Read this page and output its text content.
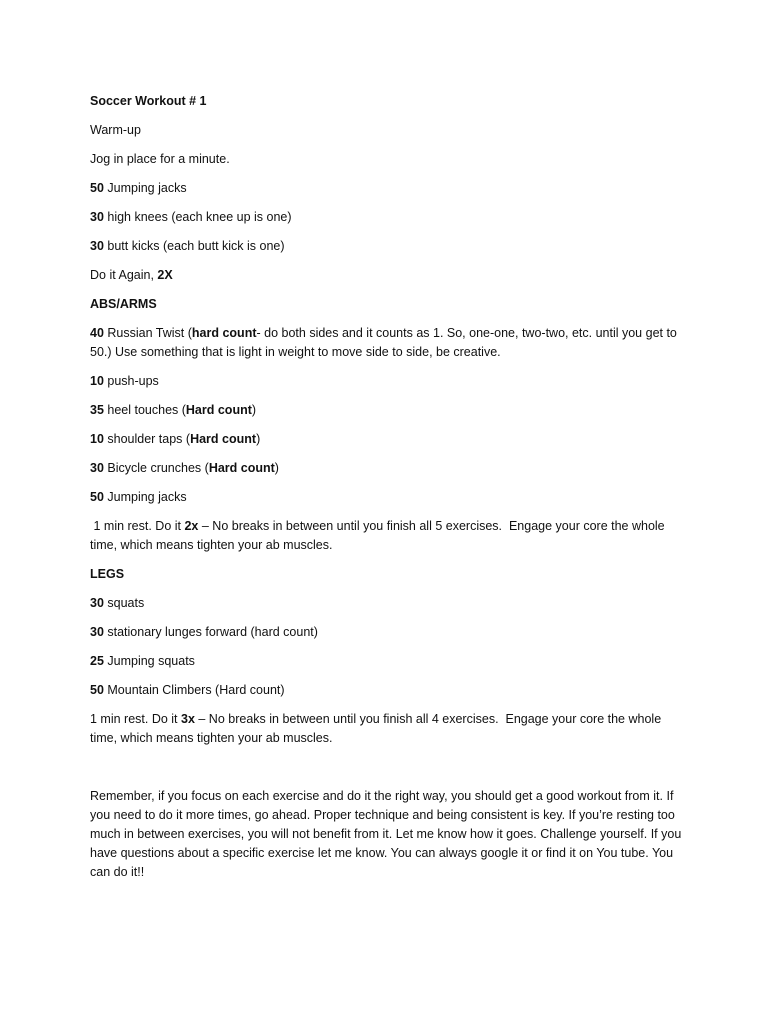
Soccer Workout # 1

Warm-up

Jog in place for a minute.

50 Jumping jacks

30 high knees (each knee up is one)

30 butt kicks (each butt kick is one)

Do it Again, 2X

ABS/ARMS

40 Russian Twist (hard count- do both sides and it counts as 1. So, one-one, two-two, etc. until you get to 50.) Use something that is light in weight to move side to side, be creative.

10 push-ups

35 heel touches (Hard count)

10 shoulder taps (Hard count)

30 Bicycle crunches (Hard count)

50 Jumping jacks

1 min rest. Do it 2x – No breaks in between until you finish all 5 exercises.  Engage your core the whole time, which means tighten your ab muscles.

LEGS

30 squats

30 stationary lunges forward (hard count)

25 Jumping squats

50 Mountain Climbers (Hard count)

1 min rest. Do it 3x – No breaks in between until you finish all 4 exercises.  Engage your core the whole time, which means tighten your ab muscles.

Remember, if you focus on each exercise and do it the right way, you should get a good workout from it. If you need to do it more times, go ahead. Proper technique and being consistent is key. If you’re resting too much in between exercises, you will not benefit from it. Let me know how it goes. Challenge yourself. If you have questions about a specific exercise let me know. You can always google it or find it on You tube. You can do it!!
